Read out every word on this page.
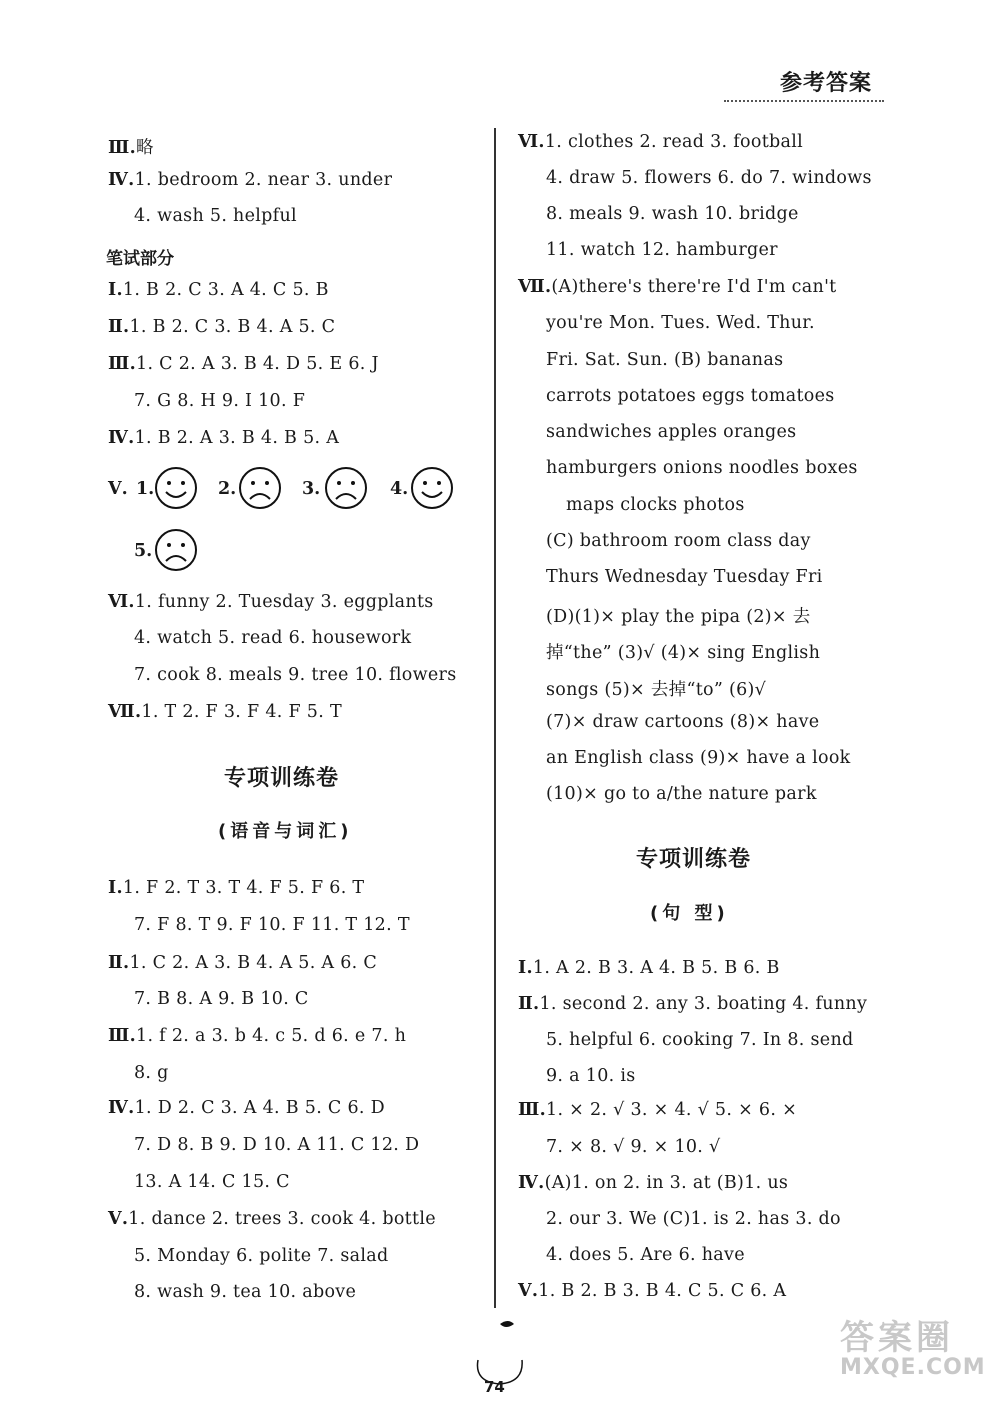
参考答案
Ⅲ.略
Ⅳ.1. bedroom 2. near 3. under
4. wash 5. helpful
笔试部分
Ⅰ.1. B 2. C 3. A 4. C 5. B
Ⅱ.1. B 2. C 3. B 4. A 5. C
Ⅲ.1. C 2. A 3. B 4. D 5. E 6. J
7. G 8. H 9. I 10. F
Ⅳ.1. B 2. A 3. B 4. B 5. A
Ⅴ. 1.	2.	3.	4.
5.
Ⅵ.1. funny 2. Tuesday 3. eggplants
4. watch 5. read 6. housework
7. cook 8. meals 9. tree 10. flowers
Ⅶ.1. T 2. F 3. F 4. F 5. T
专项训练卷
(语音与词汇)
Ⅰ.1. F 2. T 3. T 4. F 5. F 6. T
7. F 8. T 9. F 10. F 11. T 12. T
Ⅱ.1. C 2. A 3. B 4. A 5. A 6. C
7. B 8. A 9. B 10. C
Ⅲ.1. f 2. a 3. b 4. c 5. d 6. e 7. h
8. g
Ⅳ.1. D 2. C 3. A 4. B 5. C 6. D
7. D 8. B 9. D 10. A 11. C 12. D
13. A 14. C 15. C
Ⅴ.1. dance 2. trees 3. cook 4. bottle
5. Monday 6. polite 7. salad
8. wash 9. tea 10. above
Ⅵ.1. clothes 2. read 3. football
4. draw 5. flowers 6. do 7. windows
8. meals 9. wash 10. bridge
11. watch 12. hamburger
Ⅶ.(A)there's there're I'd I'm can't
you're Mon. Tues. Wed. Thur.
Fri. Sat. Sun. (B) bananas
carrots potatoes eggs tomatoes
sandwiches apples oranges
hamburgers onions noodles boxes
maps clocks photos
(C) bathroom room class day
Thurs Wednesday Tuesday Fri
(D)(1)× play the pipa (2)× 去
掉“the” (3)√ (4)× sing English
songs (5)× 去掉“to” (6)√
(7)× draw cartoons (8)× have
an English class (9)× have a look
(10)× go to a/the nature park
专项训练卷
(句 型)
Ⅰ.1. A 2. B 3. A 4. B 5. B 6. B
Ⅱ.1. second 2. any 3. boating 4. funny
5. helpful 6. cooking 7. In 8. send
9. a 10. is
Ⅲ.1. × 2. √ 3. × 4. √ 5. × 6. ×
7. × 8. √ 9. × 10. √
Ⅳ.(A)1. on 2. in 3. at (B)1. us
2. our 3. We (C)1. is 2. has 3. do
4. does 5. Are 6. have
Ⅴ.1. B 2. B 3. B 4. C 5. C 6. A
74
答案圈
MXQE.COM
